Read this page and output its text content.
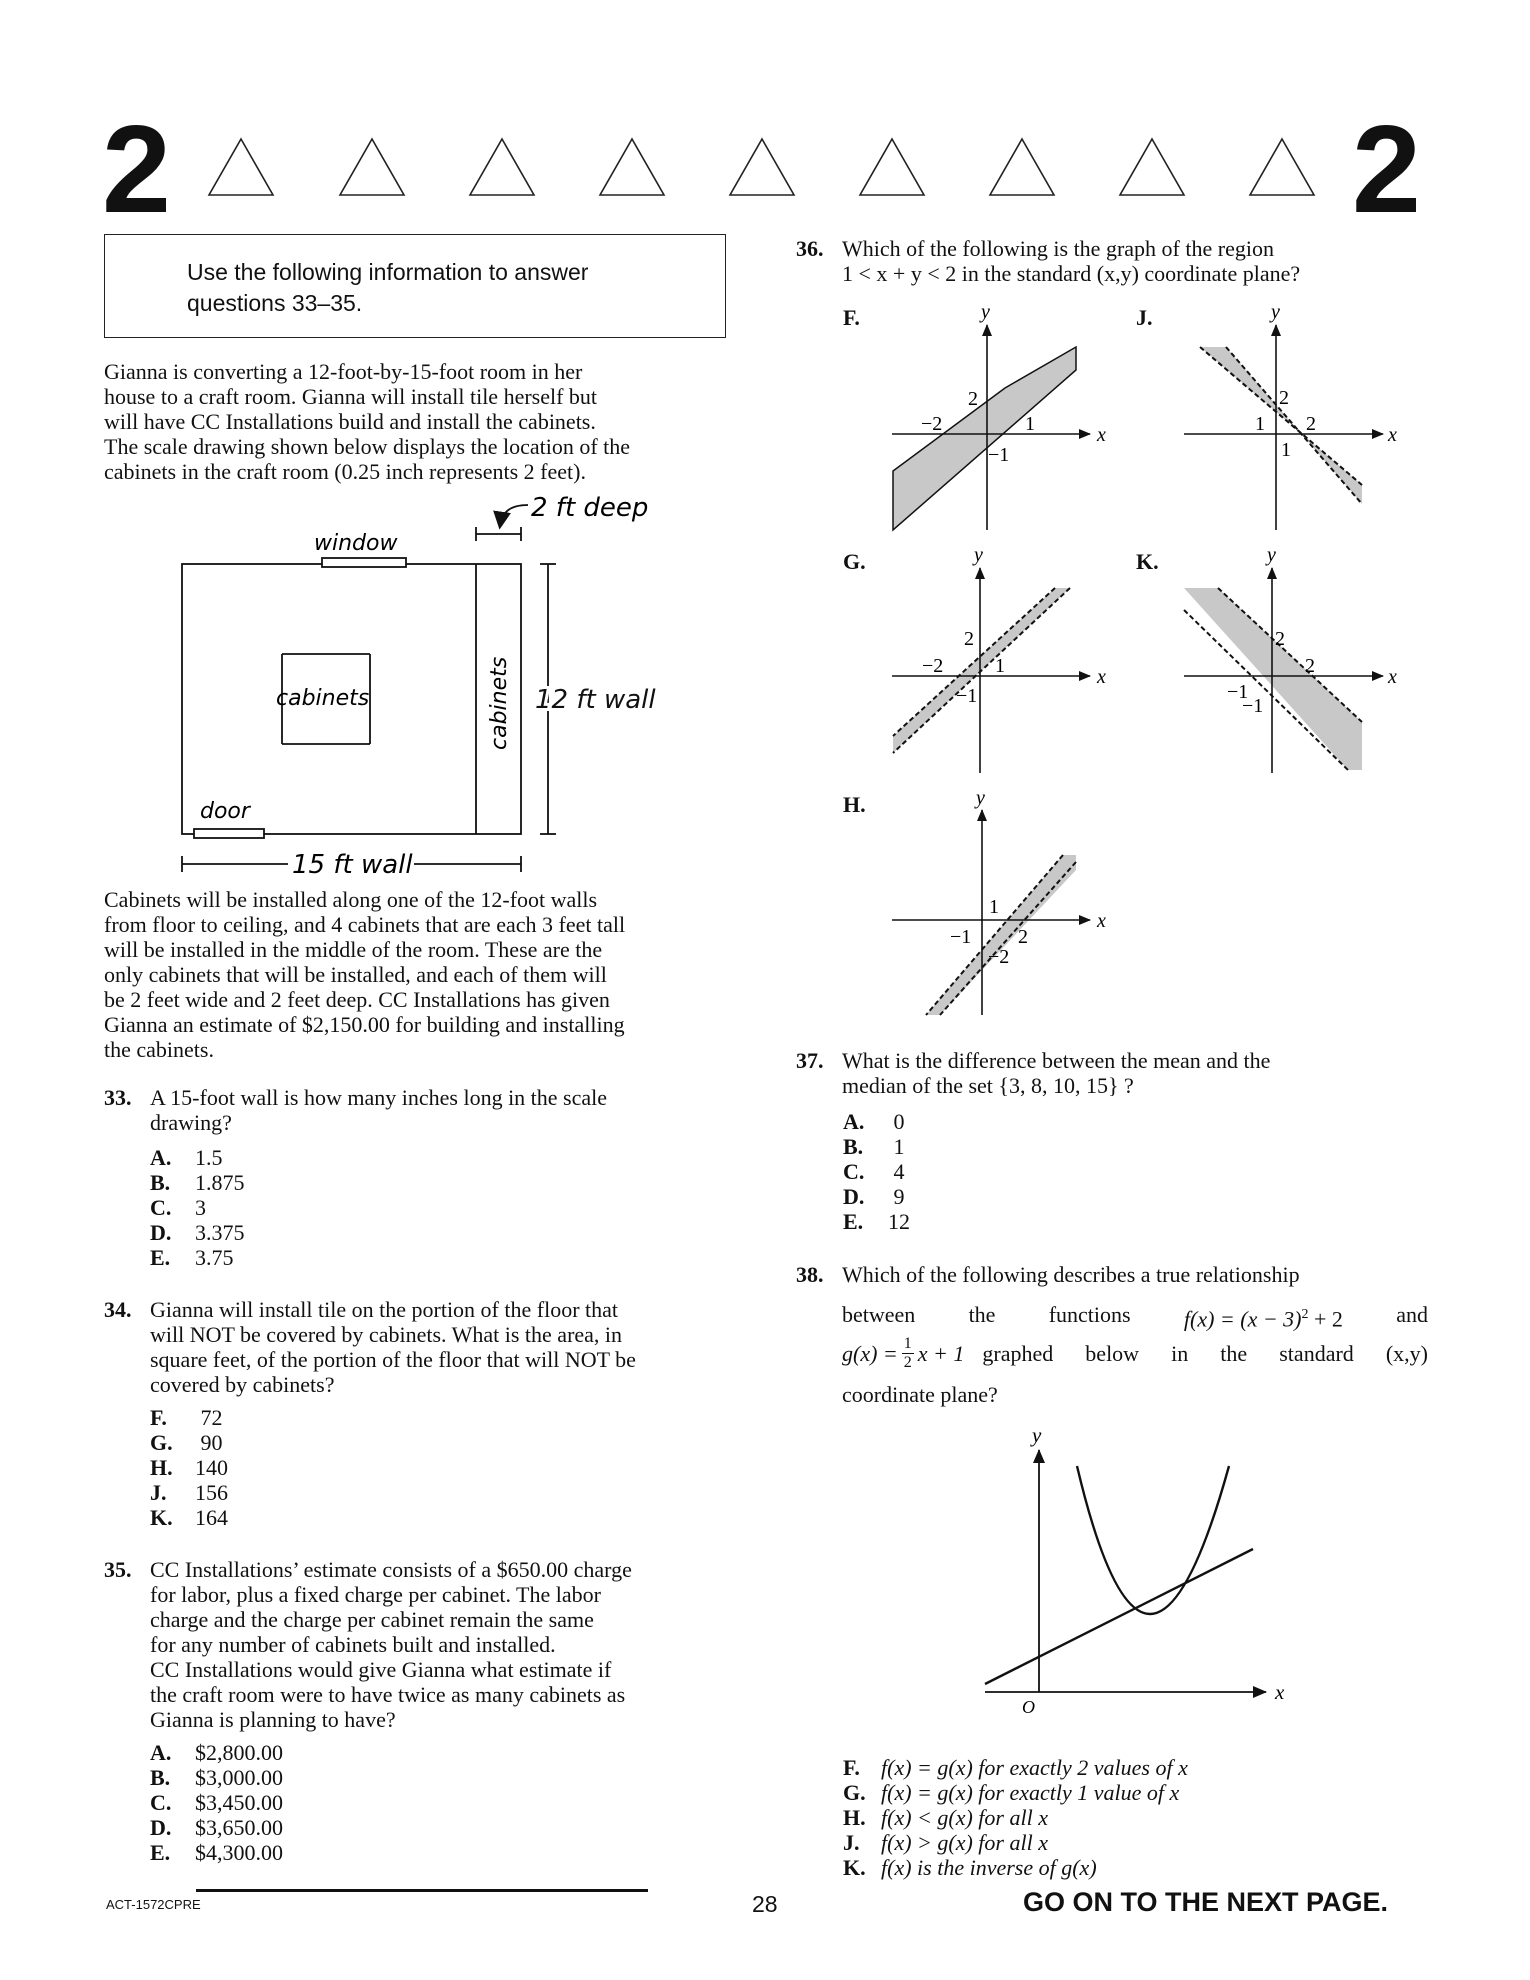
2	2
Use the following information to answer
questions 33–35.
Gianna is converting a 12-foot-by-15-foot room in her
house to a craft room. Gianna will install tile herself but
will have CC Installations build and install the cabinets.
The scale drawing shown below displays the location of the
cabinets in the craft room (0.25 inch represents 2 feet).
2 ft deep
window
cabinets	cabinets 12 ft wall
door
15 ft wall
Cabinets will be installed along one of the 12-foot walls
from floor to ceiling, and 4 cabinets that are each 3 feet tall
will be installed in the middle of the room. These are the
only cabinets that will be installed, and each of them will
be 2 feet wide and 2 feet deep. CC Installations has given
Gianna an estimate of $2,150.00 for building and installing
the cabinets.
33. A 15-foot wall is how many inches long in the scale
drawing?
A. 1.5
B. 1.875
C. 3
D. 3.375
E. 3.75
34. Gianna will install tile on the portion of the floor that
will NOT be covered by cabinets. What is the area, in
square feet, of the portion of the floor that will NOT be
covered by cabinets?
F. 72
G. 90
H. 140
J. 156
K. 164
35. CC Installations’ estimate consists of a $650.00 charge
for labor, plus a fixed charge per cabinet. The labor
charge and the charge per cabinet remain the same
for any number of cabinets built and installed.
CC Installations would give Gianna what estimate if
the craft room were to have twice as many cabinets as
Gianna is planning to have?
A. $2,800.00
B. $3,000.00
C. $3,450.00
D. $3,650.00
E. $4,300.00
36. Which of the following is the graph of the region
1 < x + y < 2 in the standard (x,y) coordinate plane?
F.	J.
G.	K.
H.
y
x
2
−2	1
−1
y
x
2
1 2
1
y
x
2
−2	1
−1
y
x
2
2
−1
−1
y
x
1
−1 2
−2
37. What is the difference between the mean and the
median of the set {3, 8, 10, 15} ?
A. 0
B. 1
C. 4
D. 9
E. 12
38. Which of the following describes a true relationship
between the functions $f(x) = (x - 3)^2 + 2$ and
$g(x) = \frac{1}{2}$ x + 1 graphed below in the standard (x,y)
coordinate plane?
y
x
O
F. f(x) = g(x) for exactly 2 values of x
G. f(x) = g(x) for exactly 1 value of x
H. f(x) < g(x) for all x
J. f(x) > g(x) for all x
K. f(x) is the inverse of g(x)
ACT-1572CPRE	28	GO ON TO THE NEXT PAGE.
